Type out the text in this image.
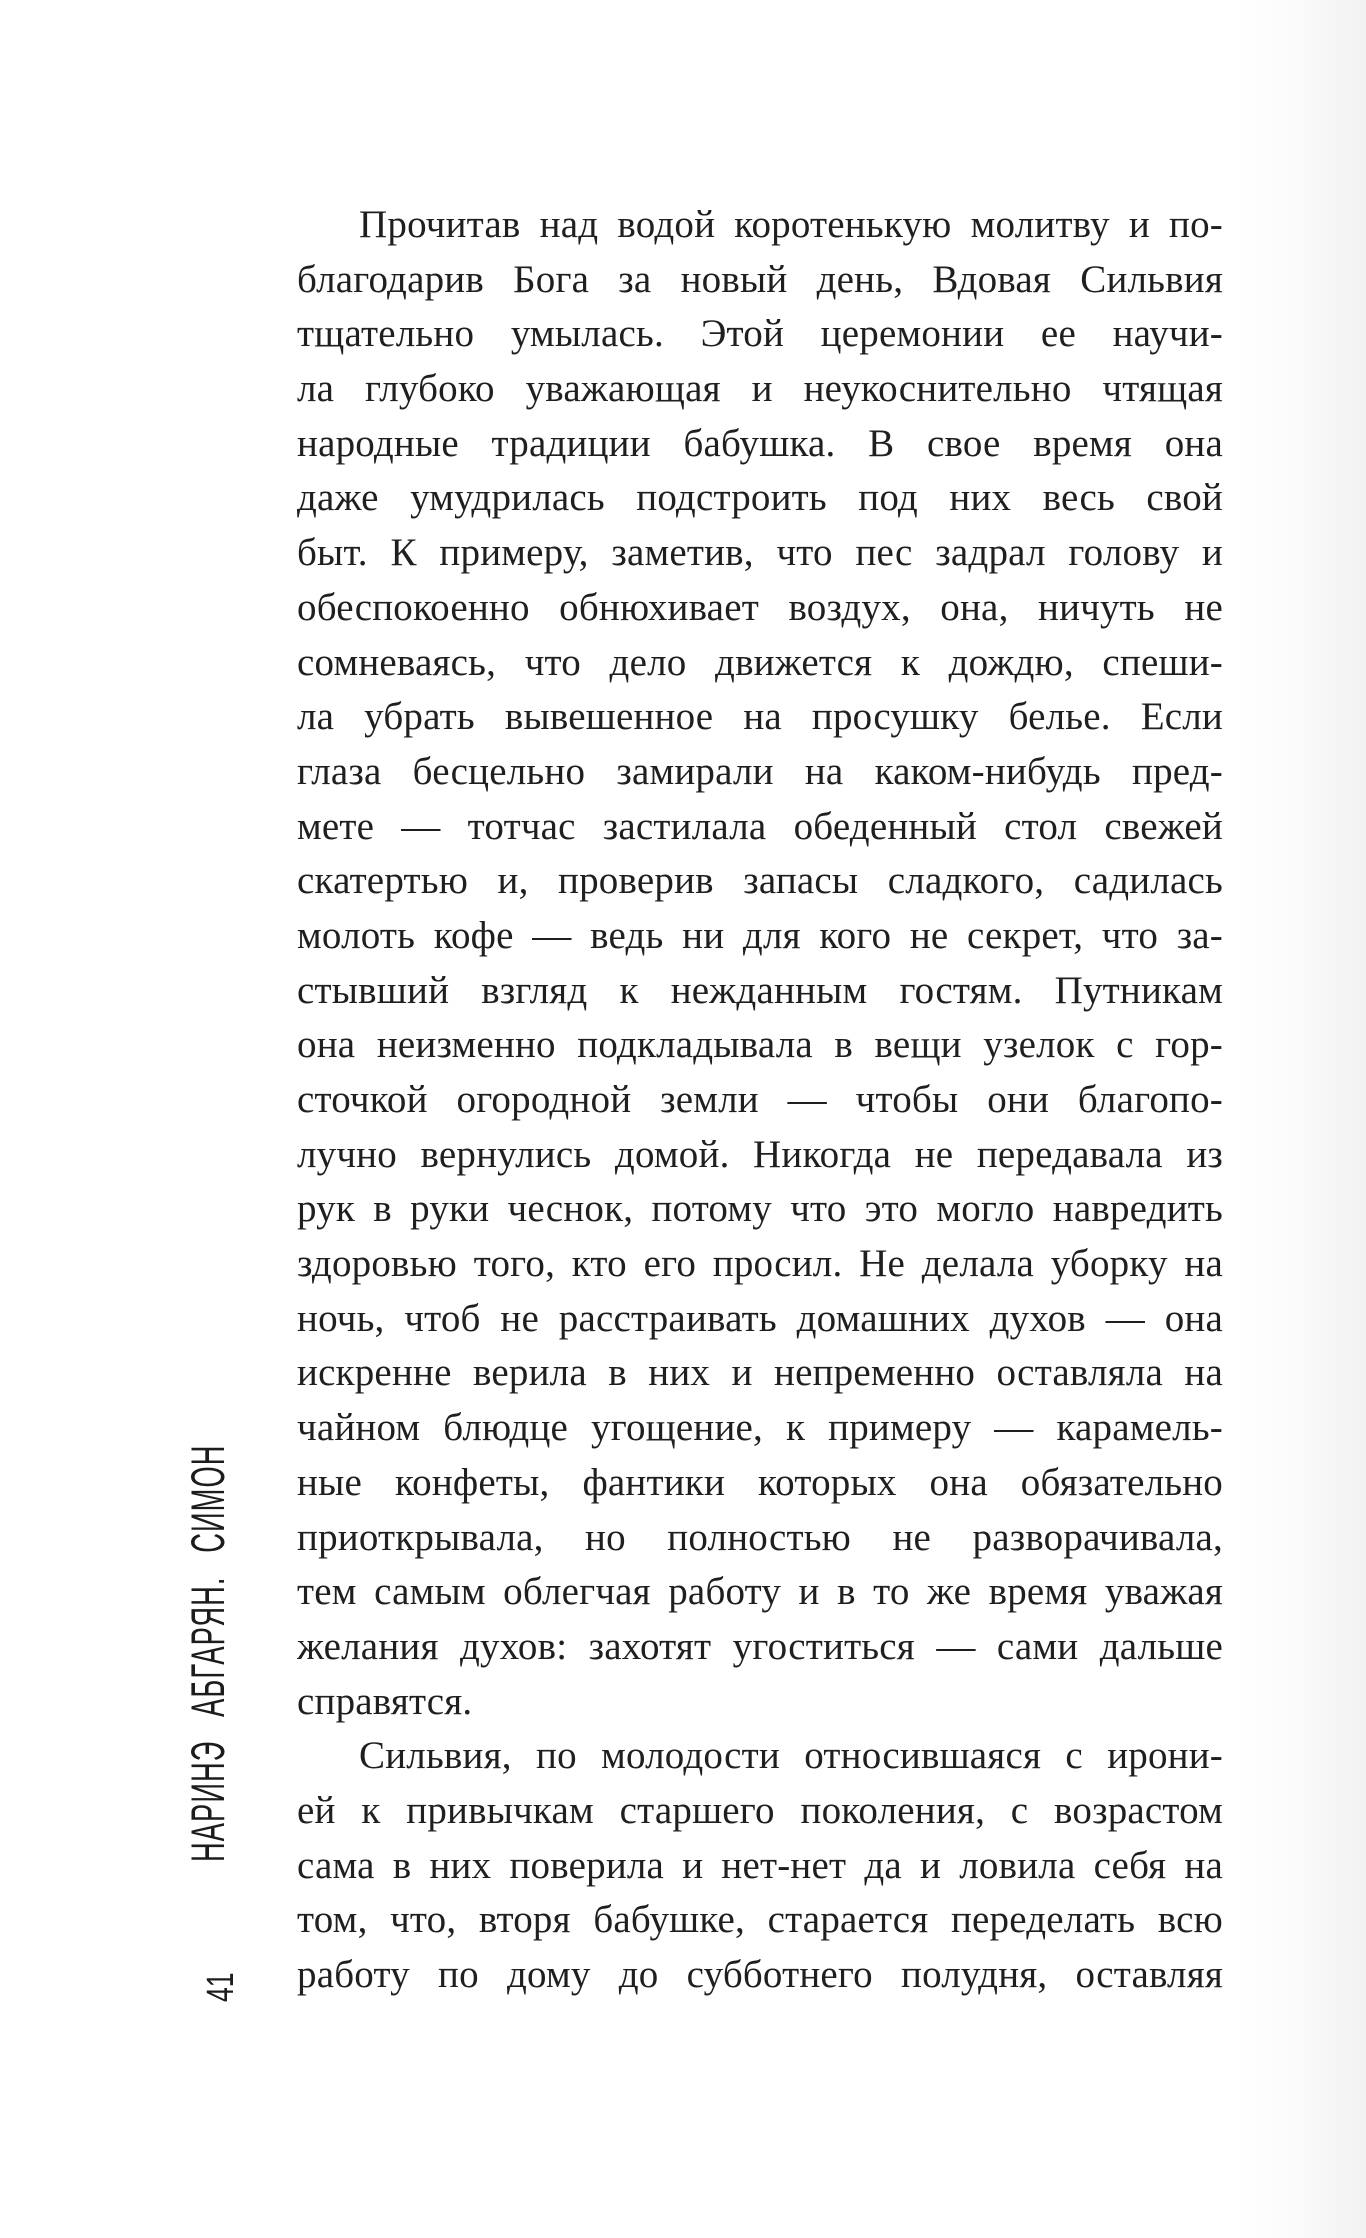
Прочитав над водой коротенькую молитву и по-
благодарив Бога за новый день, Вдовая Сильвия
тщательно умылась. Этой церемонии ее научи-
ла глубоко уважающая и неукоснительно чтящая
народные традиции бабушка. В свое время она
даже умудрилась подстроить под них весь свой
быт. К примеру, заметив, что пес задрал голову и
обеспокоенно обнюхивает воздух, она, ничуть не
сомневаясь, что дело движется к дождю, спеши-
ла убрать вывешенное на просушку белье. Если
глаза бесцельно замирали на каком-нибудь пред-
мете — тотчас застилала обеденный стол свежей
скатертью и, проверив запасы сладкого, садилась
молоть кофе — ведь ни для кого не секрет, что за-
стывший взгляд к нежданным гостям. Путникам
она неизменно подкладывала в вещи узелок с гор-
сточкой огородной земли — чтобы они благопо-
лучно вернулись домой. Никогда не передавала из
рук в руки чеснок, потому что это могло навредить
здоровью того, кто его просил. Не делала уборку на
ночь, чтоб не расстраивать домашних духов — она
искренне верила в них и непременно оставляла на
чайном блюдце угощение, к примеру — карамель-
ные конфеты, фантики которых она обязательно
приоткрывала, но полностью не разворачивала,
тем самым облегчая работу и в то же время уважая
желания духов: захотят угоститься — сами дальше
справятся.
Сильвия, по молодости относившаяся с ирони-
ей к привычкам старшего поколения, с возрастом
сама в них поверила и нет-нет да и ловила себя на
том, что, вторя бабушке, старается переделать всю
работу по дому до субботнего полудня, оставляя
НАРИНЭ АБГАРЯН. СИМОН
41
